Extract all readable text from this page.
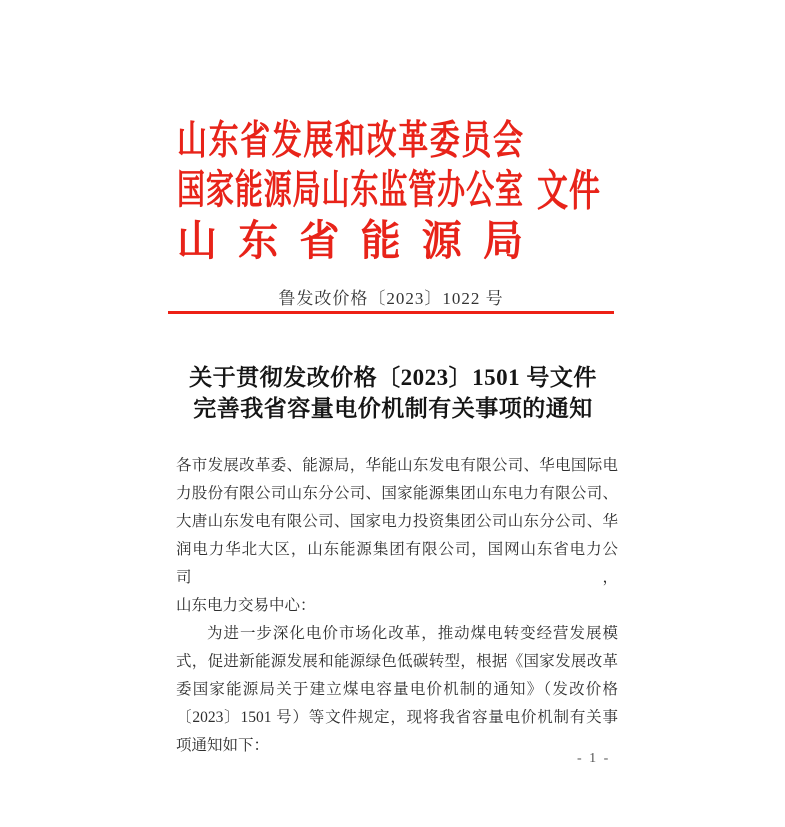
山 东 省 发 展 和 改 革 委 员 会
国 家 能 源 局 山 东 监 管 办 公 室
山 东 省 能 源 局
文 件
鲁发改价格〔2023〕1022 号
关于贯彻发改价格〔2023〕1501 号文件
完善我省容量电价机制有关事项的通知
各市发展改革委、能源局，华能山东发电有限公司、华电国际电
力股份有限公司山东分公司、国家能源集团山东电力有限公司、
大唐山东发电有限公司、国家电力投资集团公司山东分公司、华
润电力华北大区，山东能源集团有限公司，国网山东省电力公司，
山东电力交易中心：
为进一步深化电价市场化改革，推动煤电转变经营发展模
式，促进新能源发展和能源绿色低碳转型，根据《国家发展改革
委国家能源局关于建立煤电容量电价机制的通知》（发改价格
〔2023〕1501 号）等文件规定，现将我省容量电价机制有关事
项通知如下：
- 1 -
